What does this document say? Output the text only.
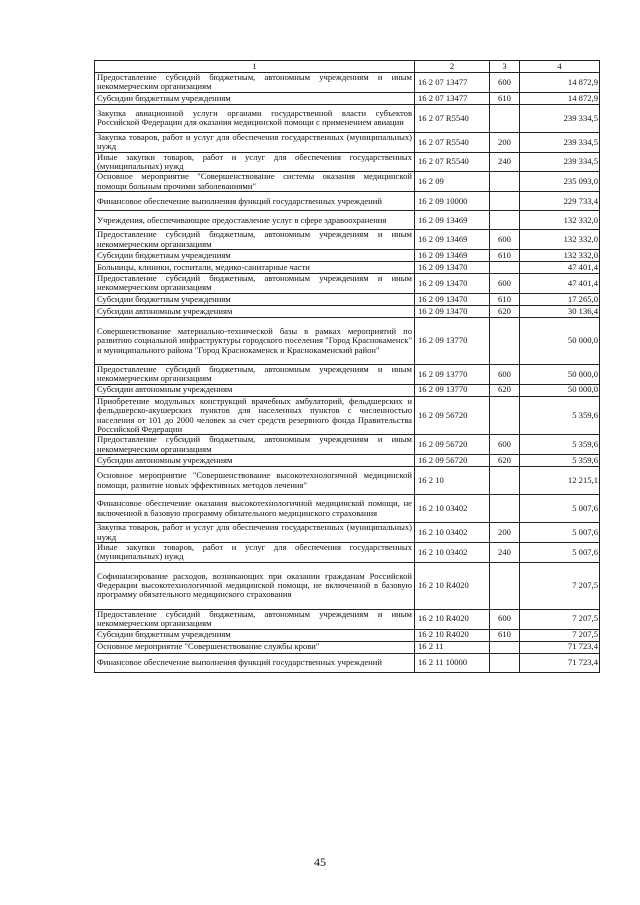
1	2	3	4
Предоставление субсидий бюджетным, автономным учреждениям и иным некоммерческим организациям	16 2 07 13477	600	14 872,9
Субсидии бюджетным учреждениям	16 2 07 13477	610	14 872,9
Закупка авиационной услуги органами государственной власти субъектов Российской Федерации для оказания медицинской помощи с применением авиации	16 2 07 R5540		239 334,5
Закупка товаров, работ и услуг для обеспечения государственных (муниципальных) нужд	16 2 07 R5540	200	239 334,5
Иные закупки товаров, работ и услуг для обеспечения государственных (муниципальных) нужд	16 2 07 R5540	240	239 334,5
Основное мероприятие "Совершенствование системы оказания медицинской помощи больным прочими заболеваниями"	16 2 09		235 093,0
Финансовое обеспечение выполнения функций государственных учреждений	16 2 09 10000		229 733,4
Учреждения, обеспечивающие предоставление услуг в сфере здравоохранения	16 2 09 13469		132 332,0
Предоставление субсидий бюджетным, автономным учреждениям и иным некоммерческим организациям	16 2 09 13469	600	132 332,0
Субсидии бюджетным учреждениям	16 2 09 13469	610	132 332,0
Больницы, клиники, госпитали, медико-санитарные части	16 2 09 13470		47 401,4
Предоставление субсидий бюджетным, автономным учреждениям и иным некоммерческим организациям	16 2 09 13470	600	47 401,4
Субсидии бюджетным учреждениям	16 2 09 13470	610	17 265,0
Субсидии автономным учреждениям	16 2 09 13470	620	30 136,4
Совершенствование материально-технической базы в рамках мероприятий по развитию социальной инфраструктуры городского поселения "Город Краснокаменск" и муниципального района "Город Краснокаменск и Краснокаменский район"	16 2 09 13770		50 000,0
Предоставление субсидий бюджетным, автономным учреждениям и иным некоммерческим организациям	16 2 09 13770	600	50 000,0
Субсидии автономным учреждениям	16 2 09 13770	620	50 000,0
Приобретение модульных конструкций врачебных амбулаторий, фельдшерских и фельдшерско-акушерских пунктов для населенных пунктов с численностью населения от 101 до 2000 человек за счет средств резервного фонда Правительства Российской Федерации	16 2 09 56720		5 359,6
Предоставление субсидий бюджетным, автономным учреждениям и иным некоммерческим организациям	16 2 09 56720	600	5 359,6
Субсидии автономным учреждениям	16 2 09 56720	620	5 359,6
Основное мероприятие "Совершенствование высокотехнологичной медицинской помощи, развитие новых эффективных методов лечения"	16 2 10		12 215,1
Финансовое обеспечение оказания высокотехнологичной медицинской помощи, не включенной в базовую программу обязательного медицинского страхования	16 2 10 03402		5 007,6
Закупка товаров, работ и услуг для обеспечения государственных (муниципальных) нужд	16 2 10 03402	200	5 007,6
Иные закупки товаров, работ и услуг для обеспечения государственных (муниципальных) нужд	16 2 10 03402	240	5 007,6
Софинансирование расходов, возникающих при оказании гражданам Российской Федерации высокотехнологичной медицинской помощи, не включенной в базовую программу обязательного медицинского страхования	16 2 10 R4020		7 207,5
Предоставление субсидий бюджетным, автономным учреждениям и иным некоммерческим организациям	16 2 10 R4020	600	7 207,5
Субсидии бюджетным учреждениям	16 2 10 R4020	610	7 207,5
Основное мероприятие "Совершенствование службы крови"	16 2 11		71 723,4
Финансовое обеспечение выполнения функций государственных учреждений	16 2 11 10000		71 723,4
45
